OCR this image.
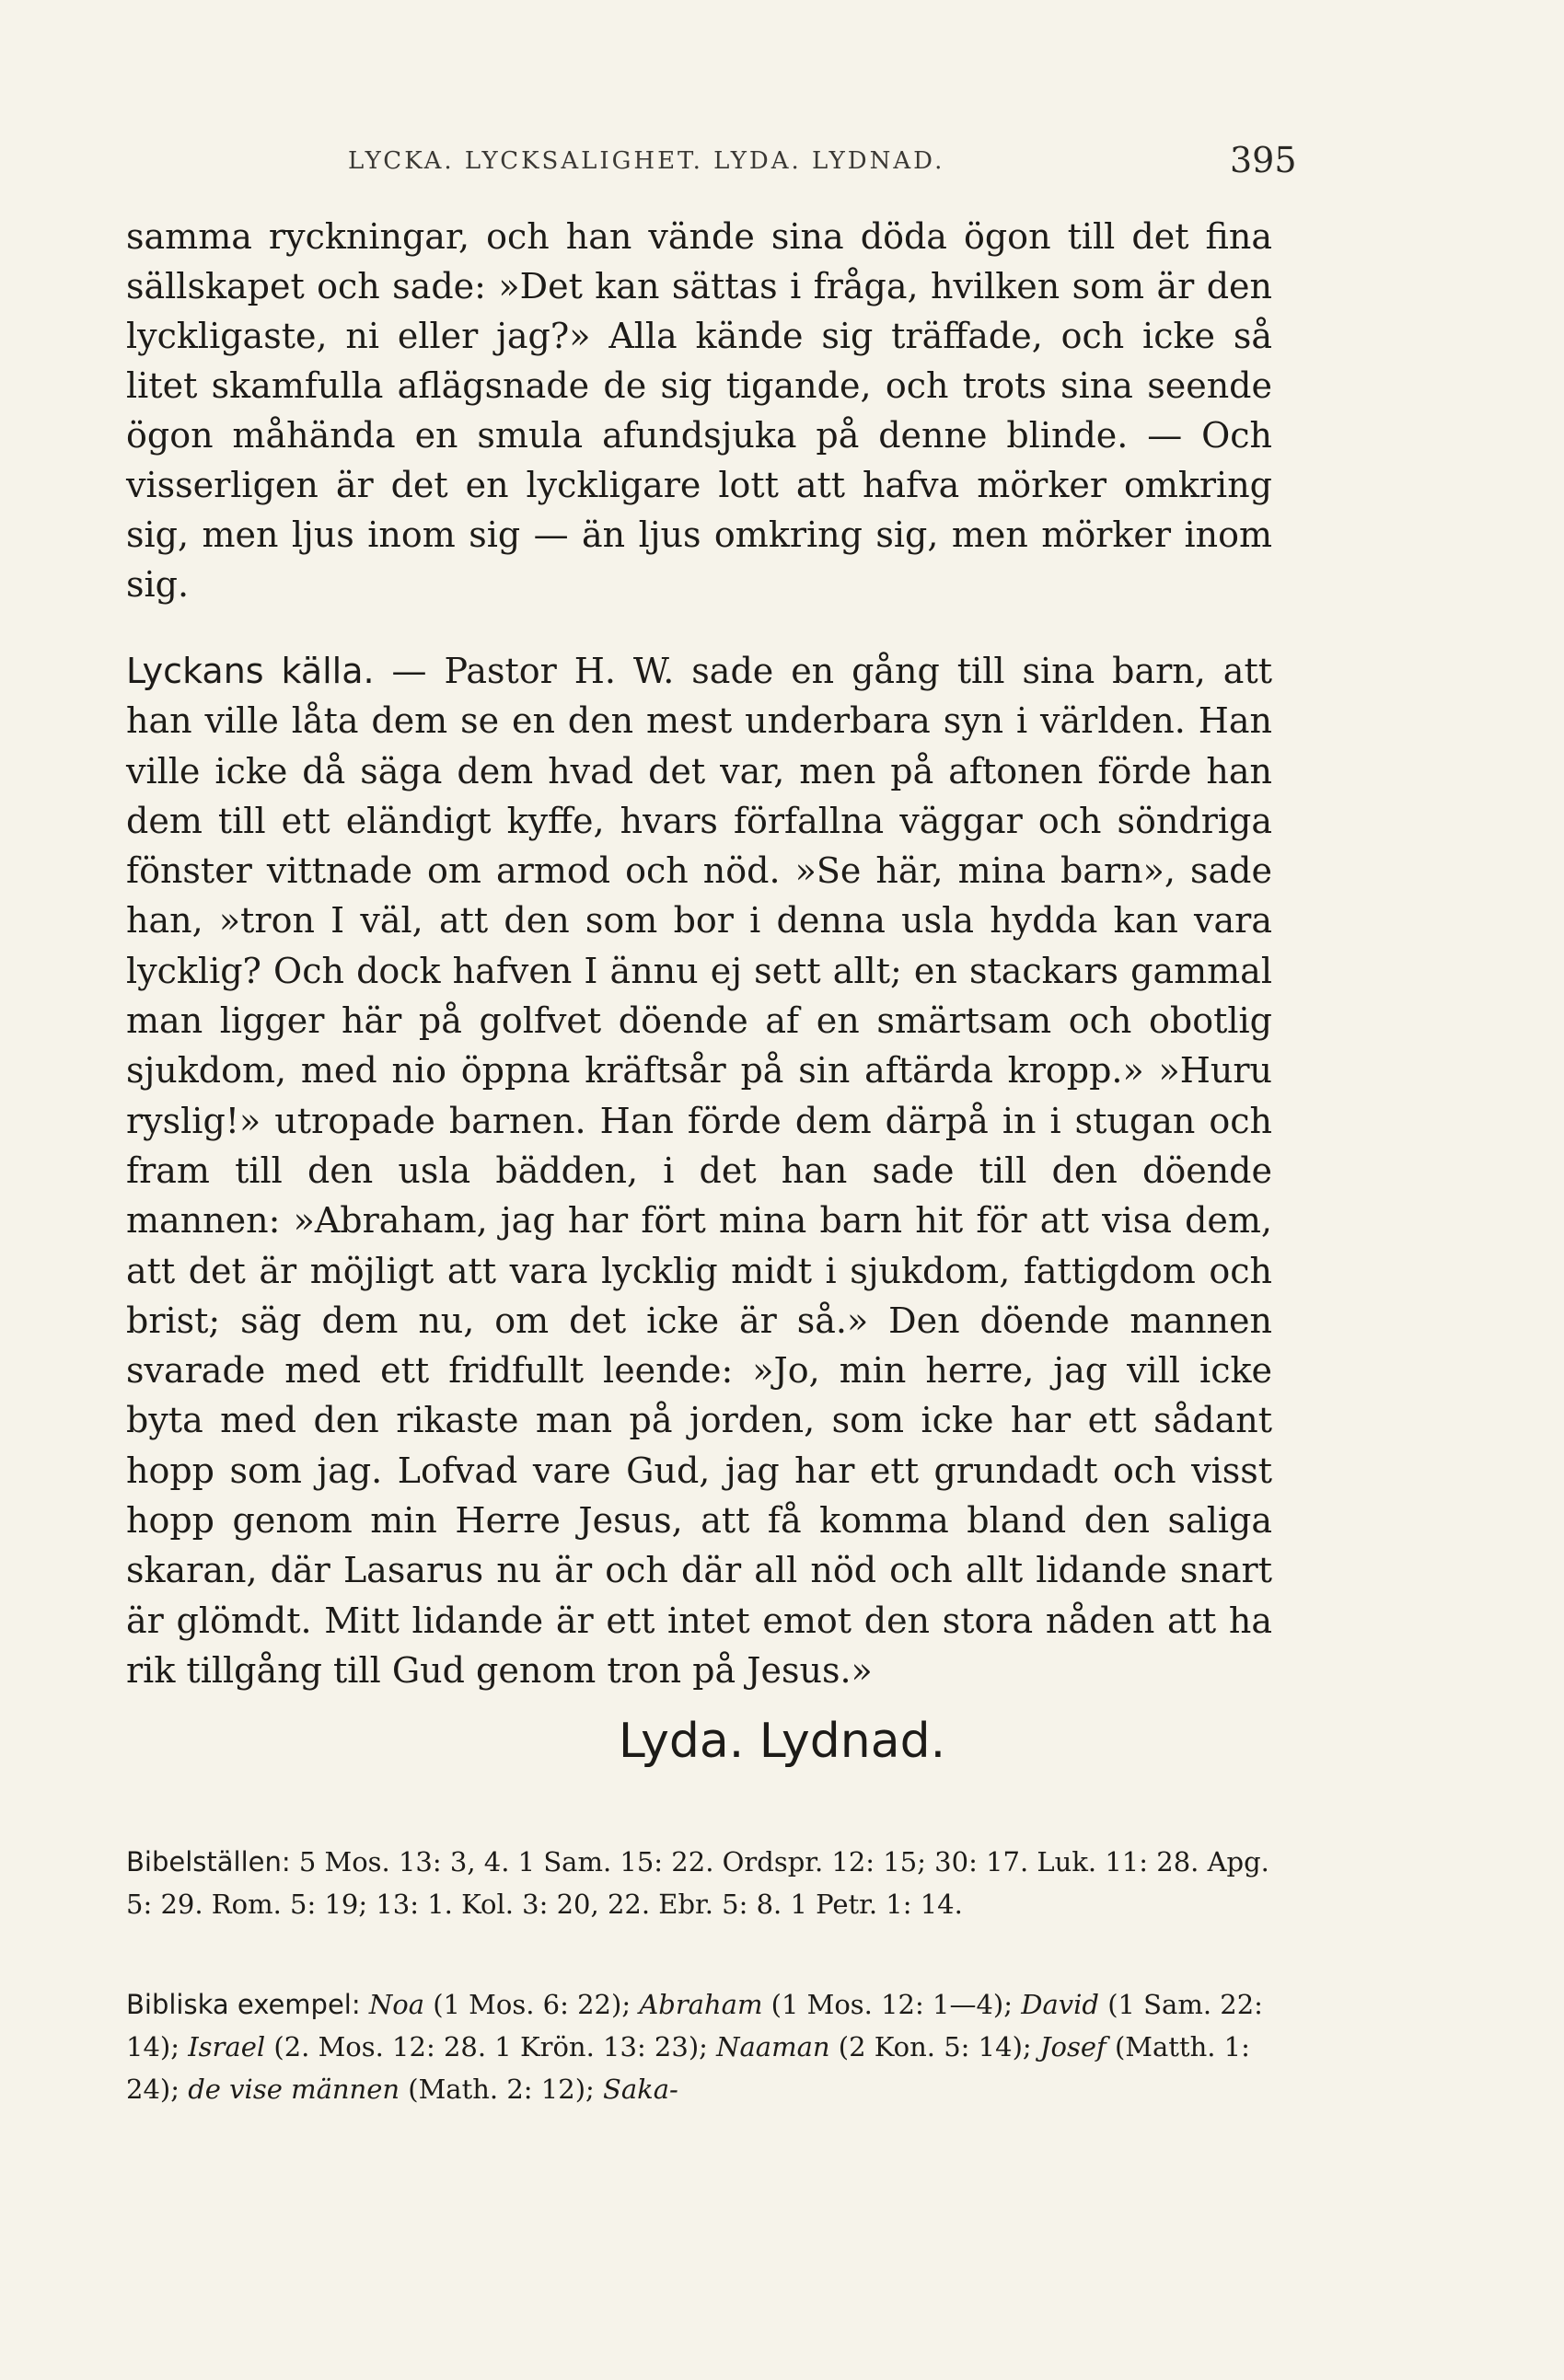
LYCKA. LYCKSALIGHET. LYDA. LYDNAD.	395

samma ryckningar, och han vände sina döda ögon till det fina sällskapet och sade: »Det kan sättas i fråga, hvilken som är den lyckligaste, ni eller jag?» Alla kände sig träffade, och icke så litet skamfulla aflägsnade de sig tigande, och trots sina seende ögon måhända en smula afundsjuka på denne blinde. — Och visserligen är det en lyckligare lott att hafva mörker omkring sig, men ljus inom sig — än ljus omkring sig, men mörker inom sig.

Lyckans källa. — Pastor H. W. sade en gång till sina barn, att han ville låta dem se en den mest underbara syn i världen. Han ville icke då säga dem hvad det var, men på aftonen förde han dem till ett eländigt kyffe, hvars förfallna väggar och söndriga fönster vittnade om armod och nöd. »Se här, mina barn», sade han, »tron I väl, att den som bor i denna usla hydda kan vara lycklig? Och dock hafven I ännu ej sett allt; en stackars gammal man ligger här på golfvet döende af en smärtsam och obotlig sjukdom, med nio öppna kräftsår på sin aftärda kropp.» »Huru ryslig!» utropade barnen. Han förde dem därpå in i stugan och fram till den usla bädden, i det han sade till den döende mannen: »Abraham, jag har fört mina barn hit för att visa dem, att det är möjligt att vara lycklig midt i sjukdom, fattigdom och brist; säg dem nu, om det icke är så.» Den döende mannen svarade med ett fridfullt leende: »Jo, min herre, jag vill icke byta med den rikaste man på jorden, som icke har ett sådant hopp som jag. Lofvad vare Gud, jag har ett grundadt och visst hopp genom min Herre Jesus, att få komma bland den saliga skaran, där Lasarus nu är och där all nöd och allt lidande snart är glömdt. Mitt lidande är ett intet emot den stora nåden att ha rik tillgång till Gud genom tron på Jesus.»

Lyda. Lydnad.
Bibelställen: 5 Mos. 13: 3, 4. 1 Sam. 15: 22. Ordspr. 12: 15; 30: 17. Luk. 11: 28. Apg. 5: 29. Rom. 5: 19; 13: 1. Kol. 3: 20, 22. Ebr. 5: 8. 1 Petr. 1: 14.
Bibliska exempel: Noa (1 Mos. 6: 22); Abraham (1 Mos. 12: 1—4); David (1 Sam. 22: 14); Israel (2. Mos. 12: 28. 1 Krön. 13: 23); Naaman (2 Kon. 5: 14); Josef (Matth. 1: 24); de vise männen (Math. 2: 12); Saka-
